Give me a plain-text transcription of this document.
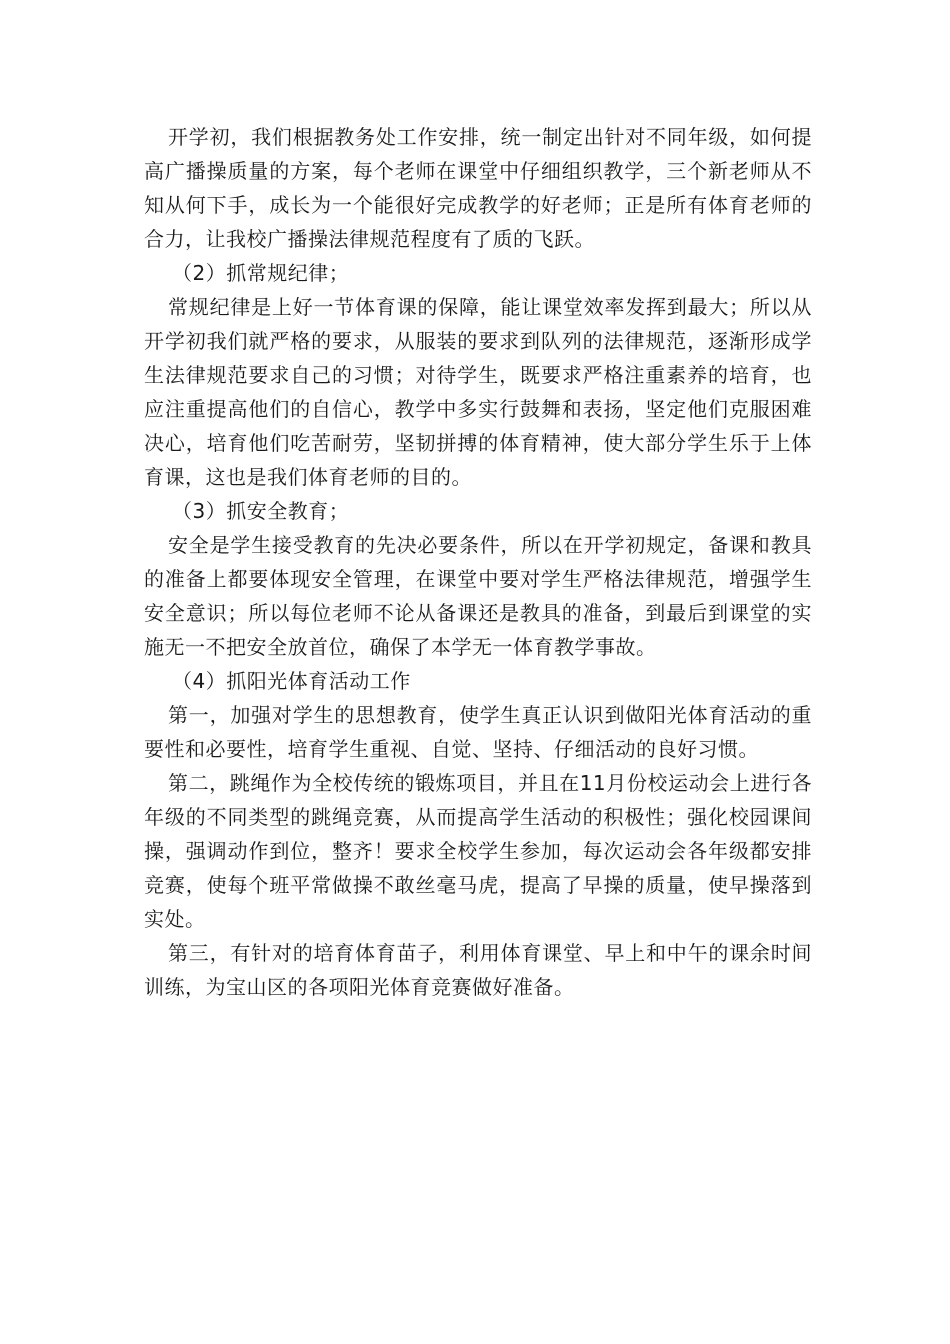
开学初，我们根据教务处工作安排，统一制定出针对不同年级，如何提高广播操质量的方案，每个老师在课堂中仔细组织教学，三个新老师从不知从何下手，成长为一个能很好完成教学的好老师；正是所有体育老师的合力，让我校广播操法律规范程度有了质的飞跃。

（2）抓常规纪律；

常规纪律是上好一节体育课的保障，能让课堂效率发挥到最大；所以从开学初我们就严格的要求，从服装的要求到队列的法律规范，逐渐形成学生法律规范要求自己的习惯；对待学生，既要求严格注重素养的培育，也应注重提高他们的自信心，教学中多实行鼓舞和表扬，坚定他们克服困难决心，培育他们吃苦耐劳，坚韧拼搏的体育精神，使大部分学生乐于上体育课，这也是我们体育老师的目的。

（3）抓安全教育；

安全是学生接受教育的先决必要条件，所以在开学初规定，备课和教具的准备上都要体现安全管理，在课堂中要对学生严格法律规范，增强学生安全意识；所以每位老师不论从备课还是教具的准备，到最后到课堂的实施无一不把安全放首位，确保了本学无一体育教学事故。

（4）抓阳光体育活动工作

第一，加强对学生的思想教育，使学生真正认识到做阳光体育活动的重要性和必要性，培育学生重视、自觉、坚持、仔细活动的良好习惯。

第二，跳绳作为全校传统的锻炼项目，并且在11月份校运动会上进行各年级的不同类型的跳绳竞赛，从而提高学生活动的积极性；强化校园课间操，强调动作到位，整齐！要求全校学生参加，每次运动会各年级都安排竞赛，使每个班平常做操不敢丝毫马虎，提高了早操的质量，使早操落到实处。

第三，有针对的培育体育苗子，利用体育课堂、早上和中午的课余时间训练，为宝山区的各项阳光体育竞赛做好准备。
